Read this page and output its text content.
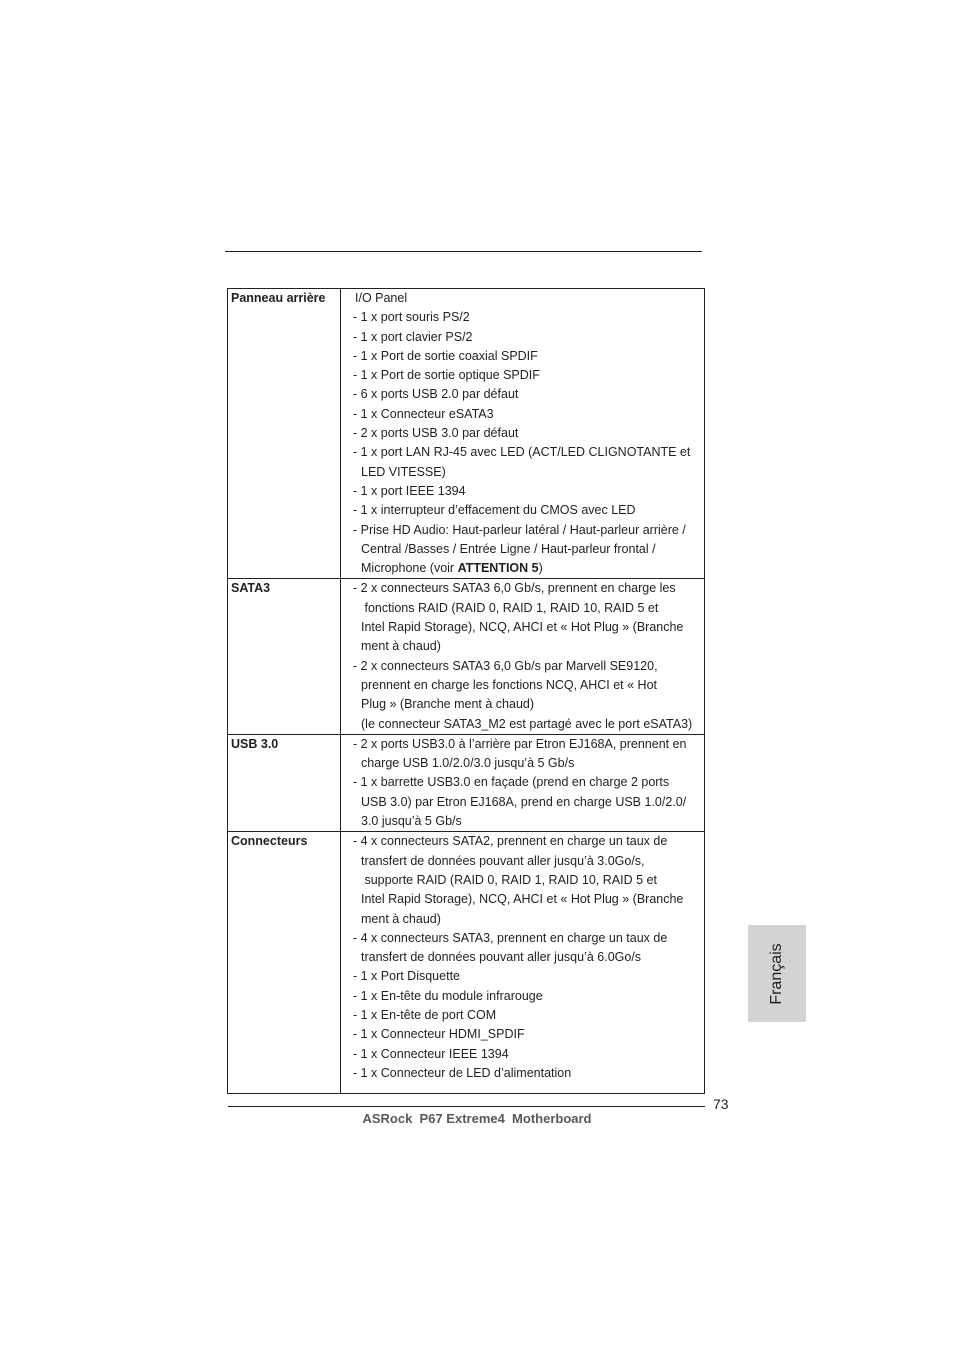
Panneau arrière	I/O Panel
- 1 x port souris PS/2
- 1 x port clavier PS/2
- 1 x Port de sortie coaxial SPDIF
- 1 x Port de sortie optique SPDIF
- 6 x ports USB 2.0 par défaut
- 1 x Connecteur eSATA3
- 2 x ports USB 3.0 par défaut
- 1 x port LAN RJ-45 avec LED (ACT/LED CLIGNOTANTE et
LED VITESSE)
- 1 x port IEEE 1394
- 1 x interrupteur d’effacement du CMOS avec LED
- Prise HD Audio: Haut-parleur latéral / Haut-parleur arrière /
Central /Basses / Entrée Ligne / Haut-parleur frontal /
Microphone (voir ATTENTION 5)
SATA3	- 2 x connecteurs SATA3 6,0 Gb/s, prennent en charge les
fonctions RAID (RAID 0, RAID 1, RAID 10, RAID 5 et
Intel Rapid Storage), NCQ, AHCI et « Hot Plug » (Branche
ment à chaud)
- 2 x connecteurs SATA3 6,0 Gb/s par Marvell SE9120,
prennent en charge les fonctions NCQ, AHCI et « Hot
Plug » (Branche ment à chaud)
(le connecteur SATA3_M2 est partagé avec le port eSATA3)
USB 3.0	- 2 x ports USB3.0 à l’arrière par Etron EJ168A, prennent en
charge USB 1.0/2.0/3.0 jusqu’à 5 Gb/s
- 1 x barrette USB3.0 en façade (prend en charge 2 ports
USB 3.0) par Etron EJ168A, prend en charge USB 1.0/2.0/
3.0 jusqu’à 5 Gb/s
Connecteurs	- 4 x connecteurs SATA2, prennent en charge un taux de
transfert de données pouvant aller jusqu’à 3.0Go/s,
supporte RAID (RAID 0, RAID 1, RAID 10, RAID 5 et
Intel Rapid Storage), NCQ, AHCI et « Hot Plug » (Branche
ment à chaud)
- 4 x connecteurs SATA3, prennent en charge un taux de
transfert de données pouvant aller jusqu’à 6.0Go/s
- 1 x Port Disquette
- 1 x En-tête du module infrarouge
- 1 x En-tête de port COM
- 1 x Connecteur HDMI_SPDIF
- 1 x Connecteur IEEE 1394
- 1 x Connecteur de LED d’alimentation
73
ASRock  P67 Extreme4  Motherboard
Français
